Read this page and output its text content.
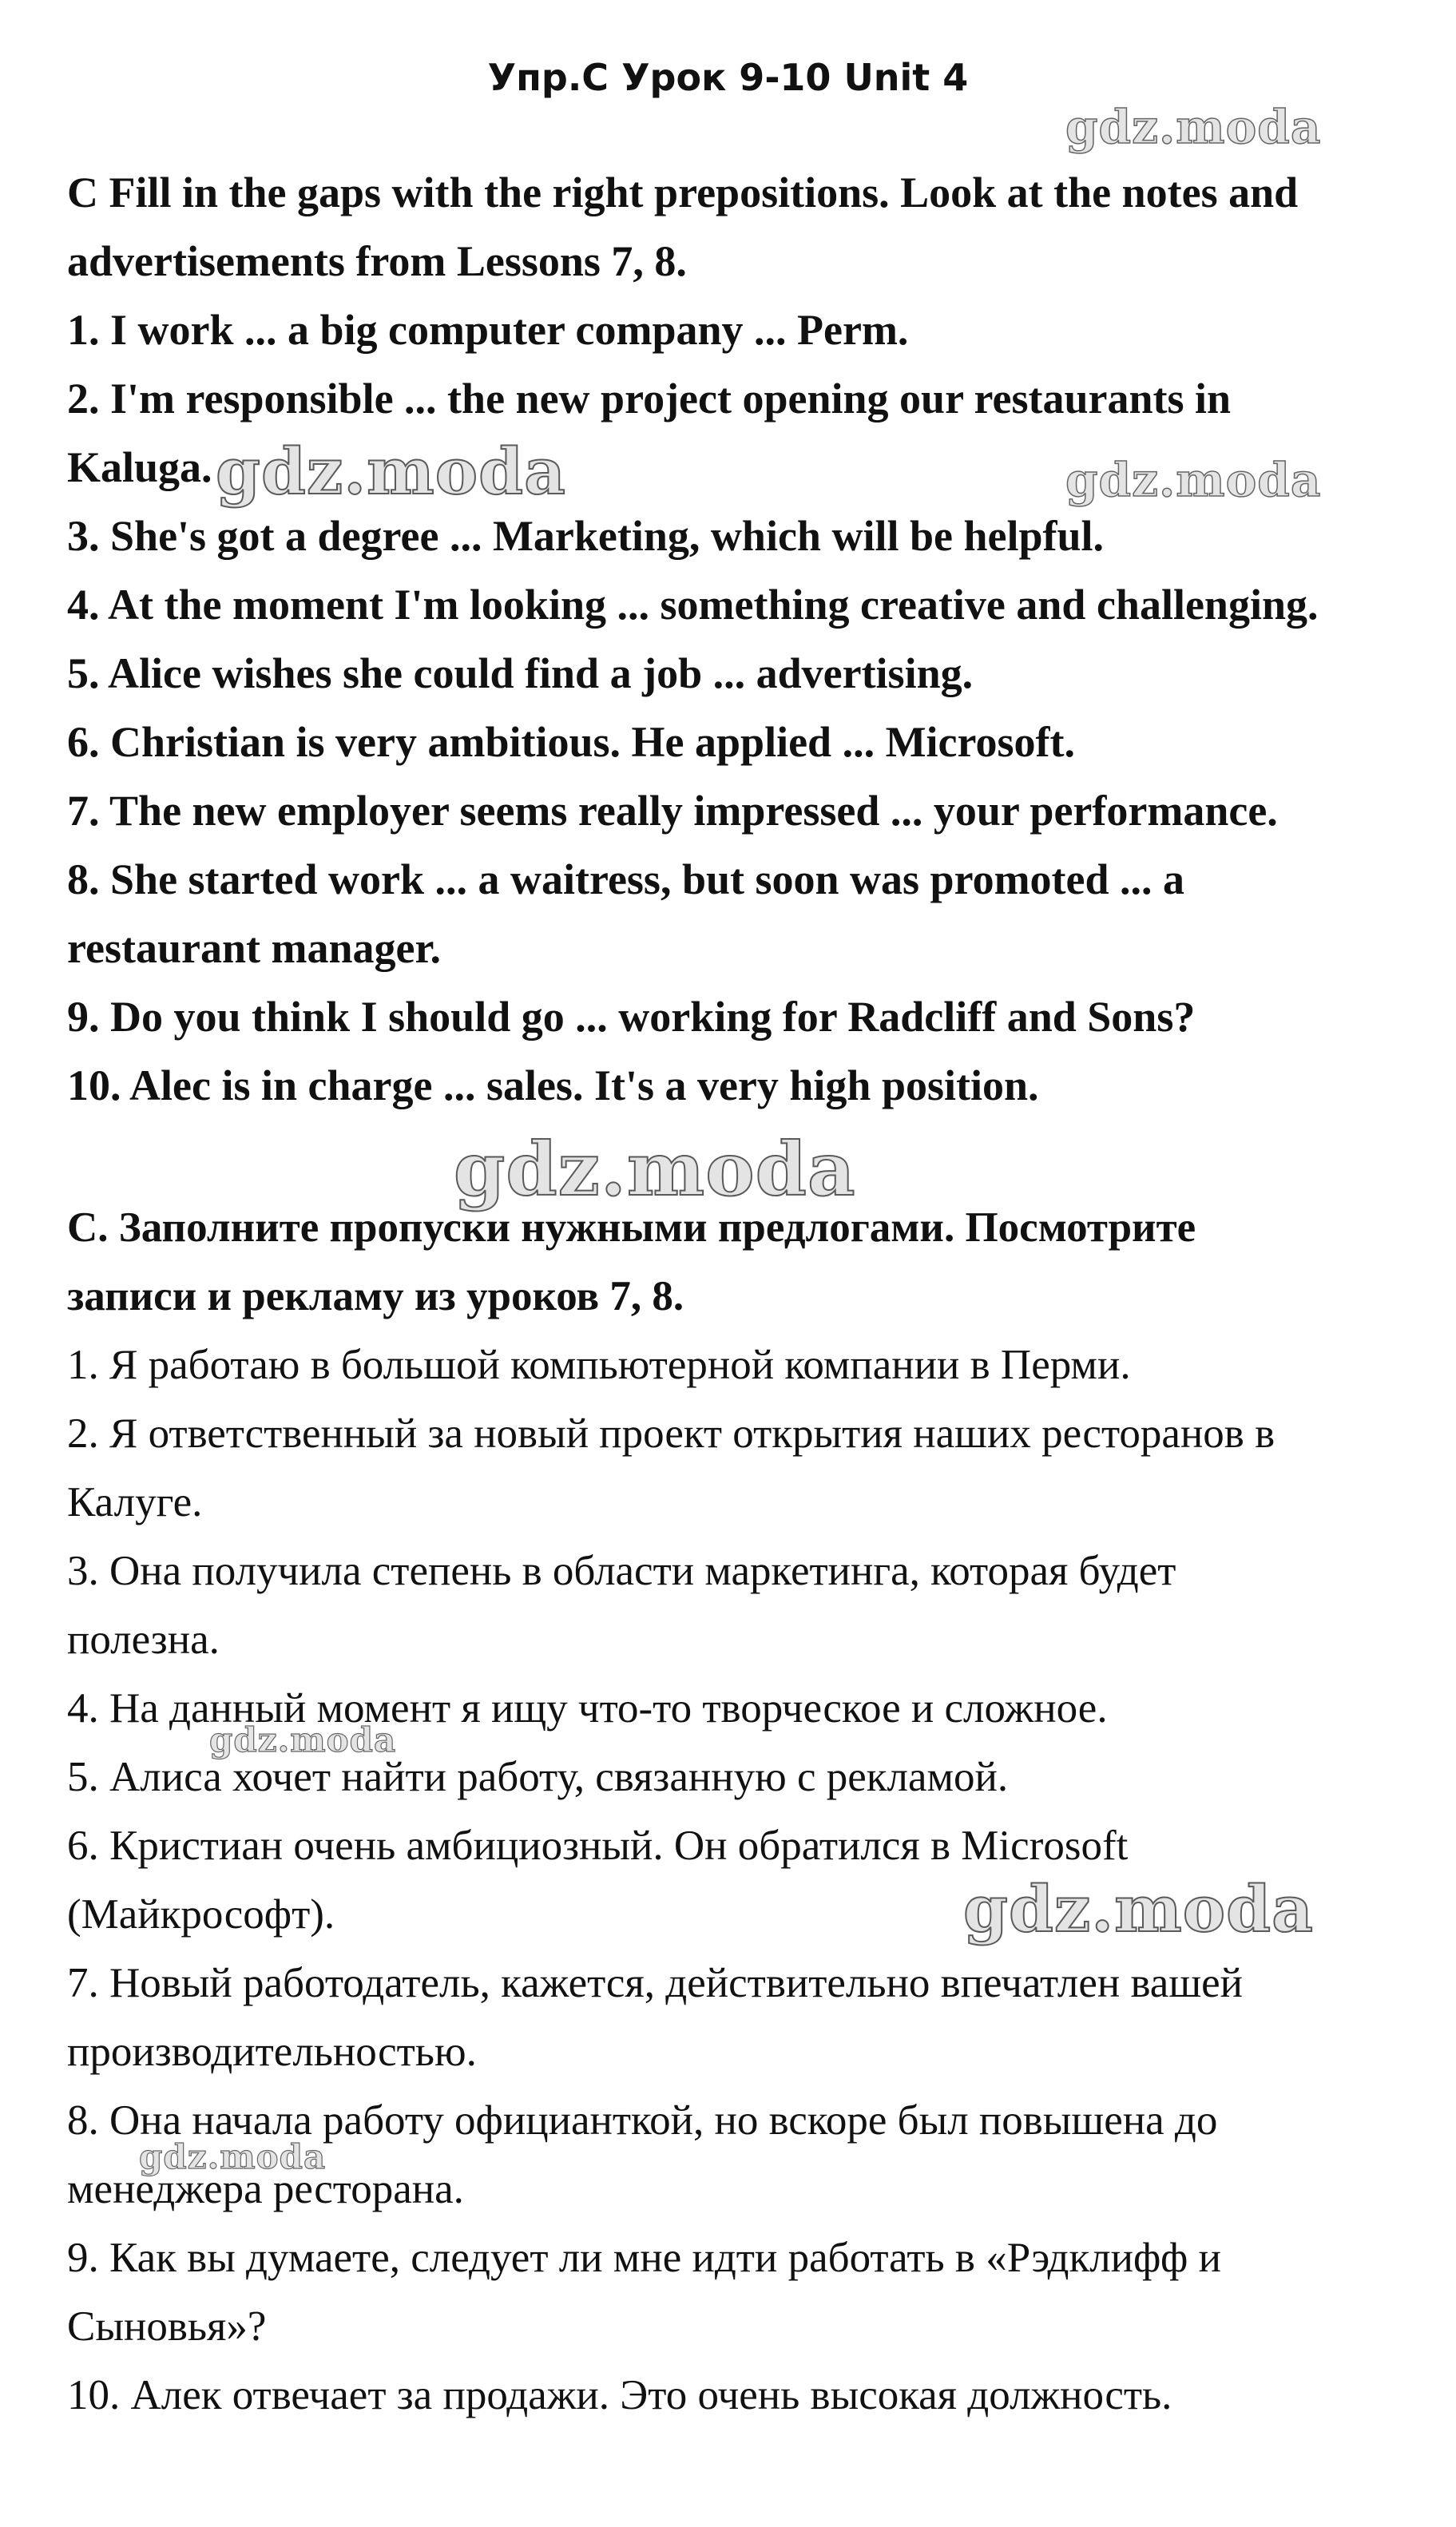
Упр.C Урок 9-10 Unit 4
C Fill in the gaps with the right prepositions. Look at the notes and
advertisements from Lessons 7, 8.
1. I work ... a big computer company ... Perm.
2. I'm responsible ... the new project opening our restaurants in
Kaluga.
3. She's got a degree ... Marketing, which will be helpful.
4. At the moment I'm looking ... something creative and challenging.
5. Alice wishes she could find a job ... advertising.
6. Christian is very ambitious. He applied ... Microsoft.
7. The new employer seems really impressed ... your performance.
8. She started work ... a waitress, but soon was promoted ... a
restaurant manager.
9. Do you think I should go ... working for Radcliff and Sons?
10. Alec is in charge ... sales. It's a very high position.
C. Заполните пропуски нужными предлогами. Посмотрите
записи и рекламу из уроков 7, 8.
1. Я работаю в большой компьютерной компании в Перми.
2. Я ответственный за новый проект открытия наших ресторанов в
Калуге.
3. Она получила степень в области маркетинга, которая будет
полезна.
4. На данный момент я ищу что-то творческое и сложное.
5. Алиса хочет найти работу, связанную с рекламой.
6. Кристиан очень амбициозный. Он обратился в Microsoft
(Майкрософт).
7. Новый работодатель, кажется, действительно впечатлен вашей
производительностью.
8. Она начала работу официанткой, но вскоре был повышена до
менеджера ресторана.
9. Как вы думаете, следует ли мне идти работать в «Рэдклифф и
Сыновья»?
10. Алек отвечает за продажи. Это очень высокая должность.
gdz.moda
gdz.moda	gdz.moda
gdz.moda
gdz.moda
gdz.moda
gdz.moda
